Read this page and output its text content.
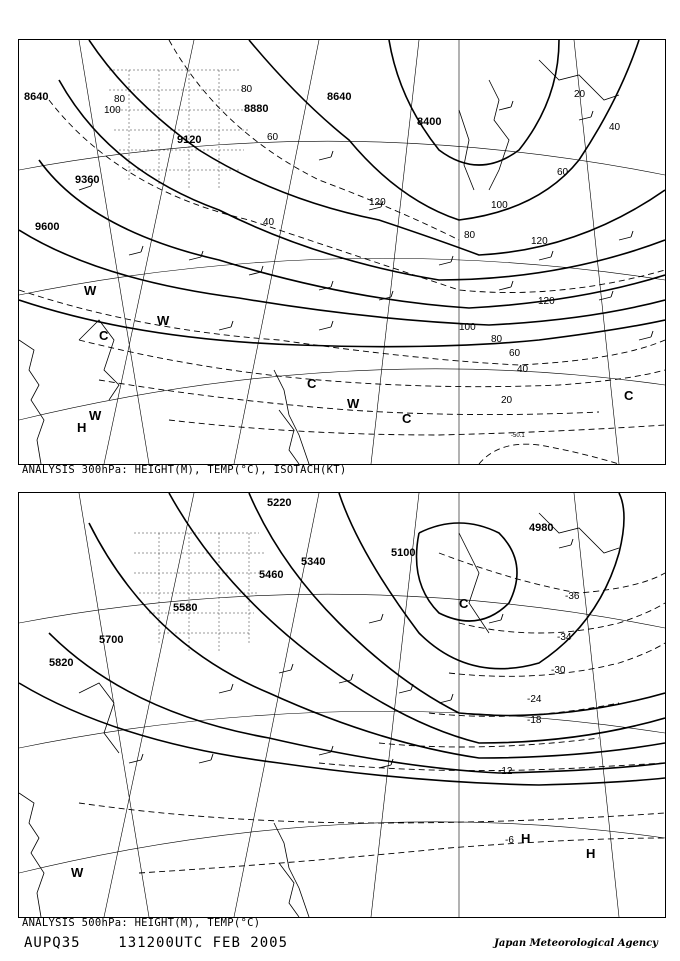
8640
8880
8640
8400
9120
9360
9600
80
60
40
120
80
100
120
100
80
60
40
20
20
40
60
80
100
120
-50.1
W
H
W
W
C
C
W
C
C
ANALYSIS 300hPa: HEIGHT(M), TEMP(°C), ISOTACH(KT)
5220
5340
5100
4980
5460
5580
5700
5820
-36
-34
-30
-24
-18
-12
-6
W
H
H
C
ANALYSIS 500hPa: HEIGHT(M), TEMP(°C)
AUPQ35	131200UTC FEB 2005	Japan Meteorological Agency
